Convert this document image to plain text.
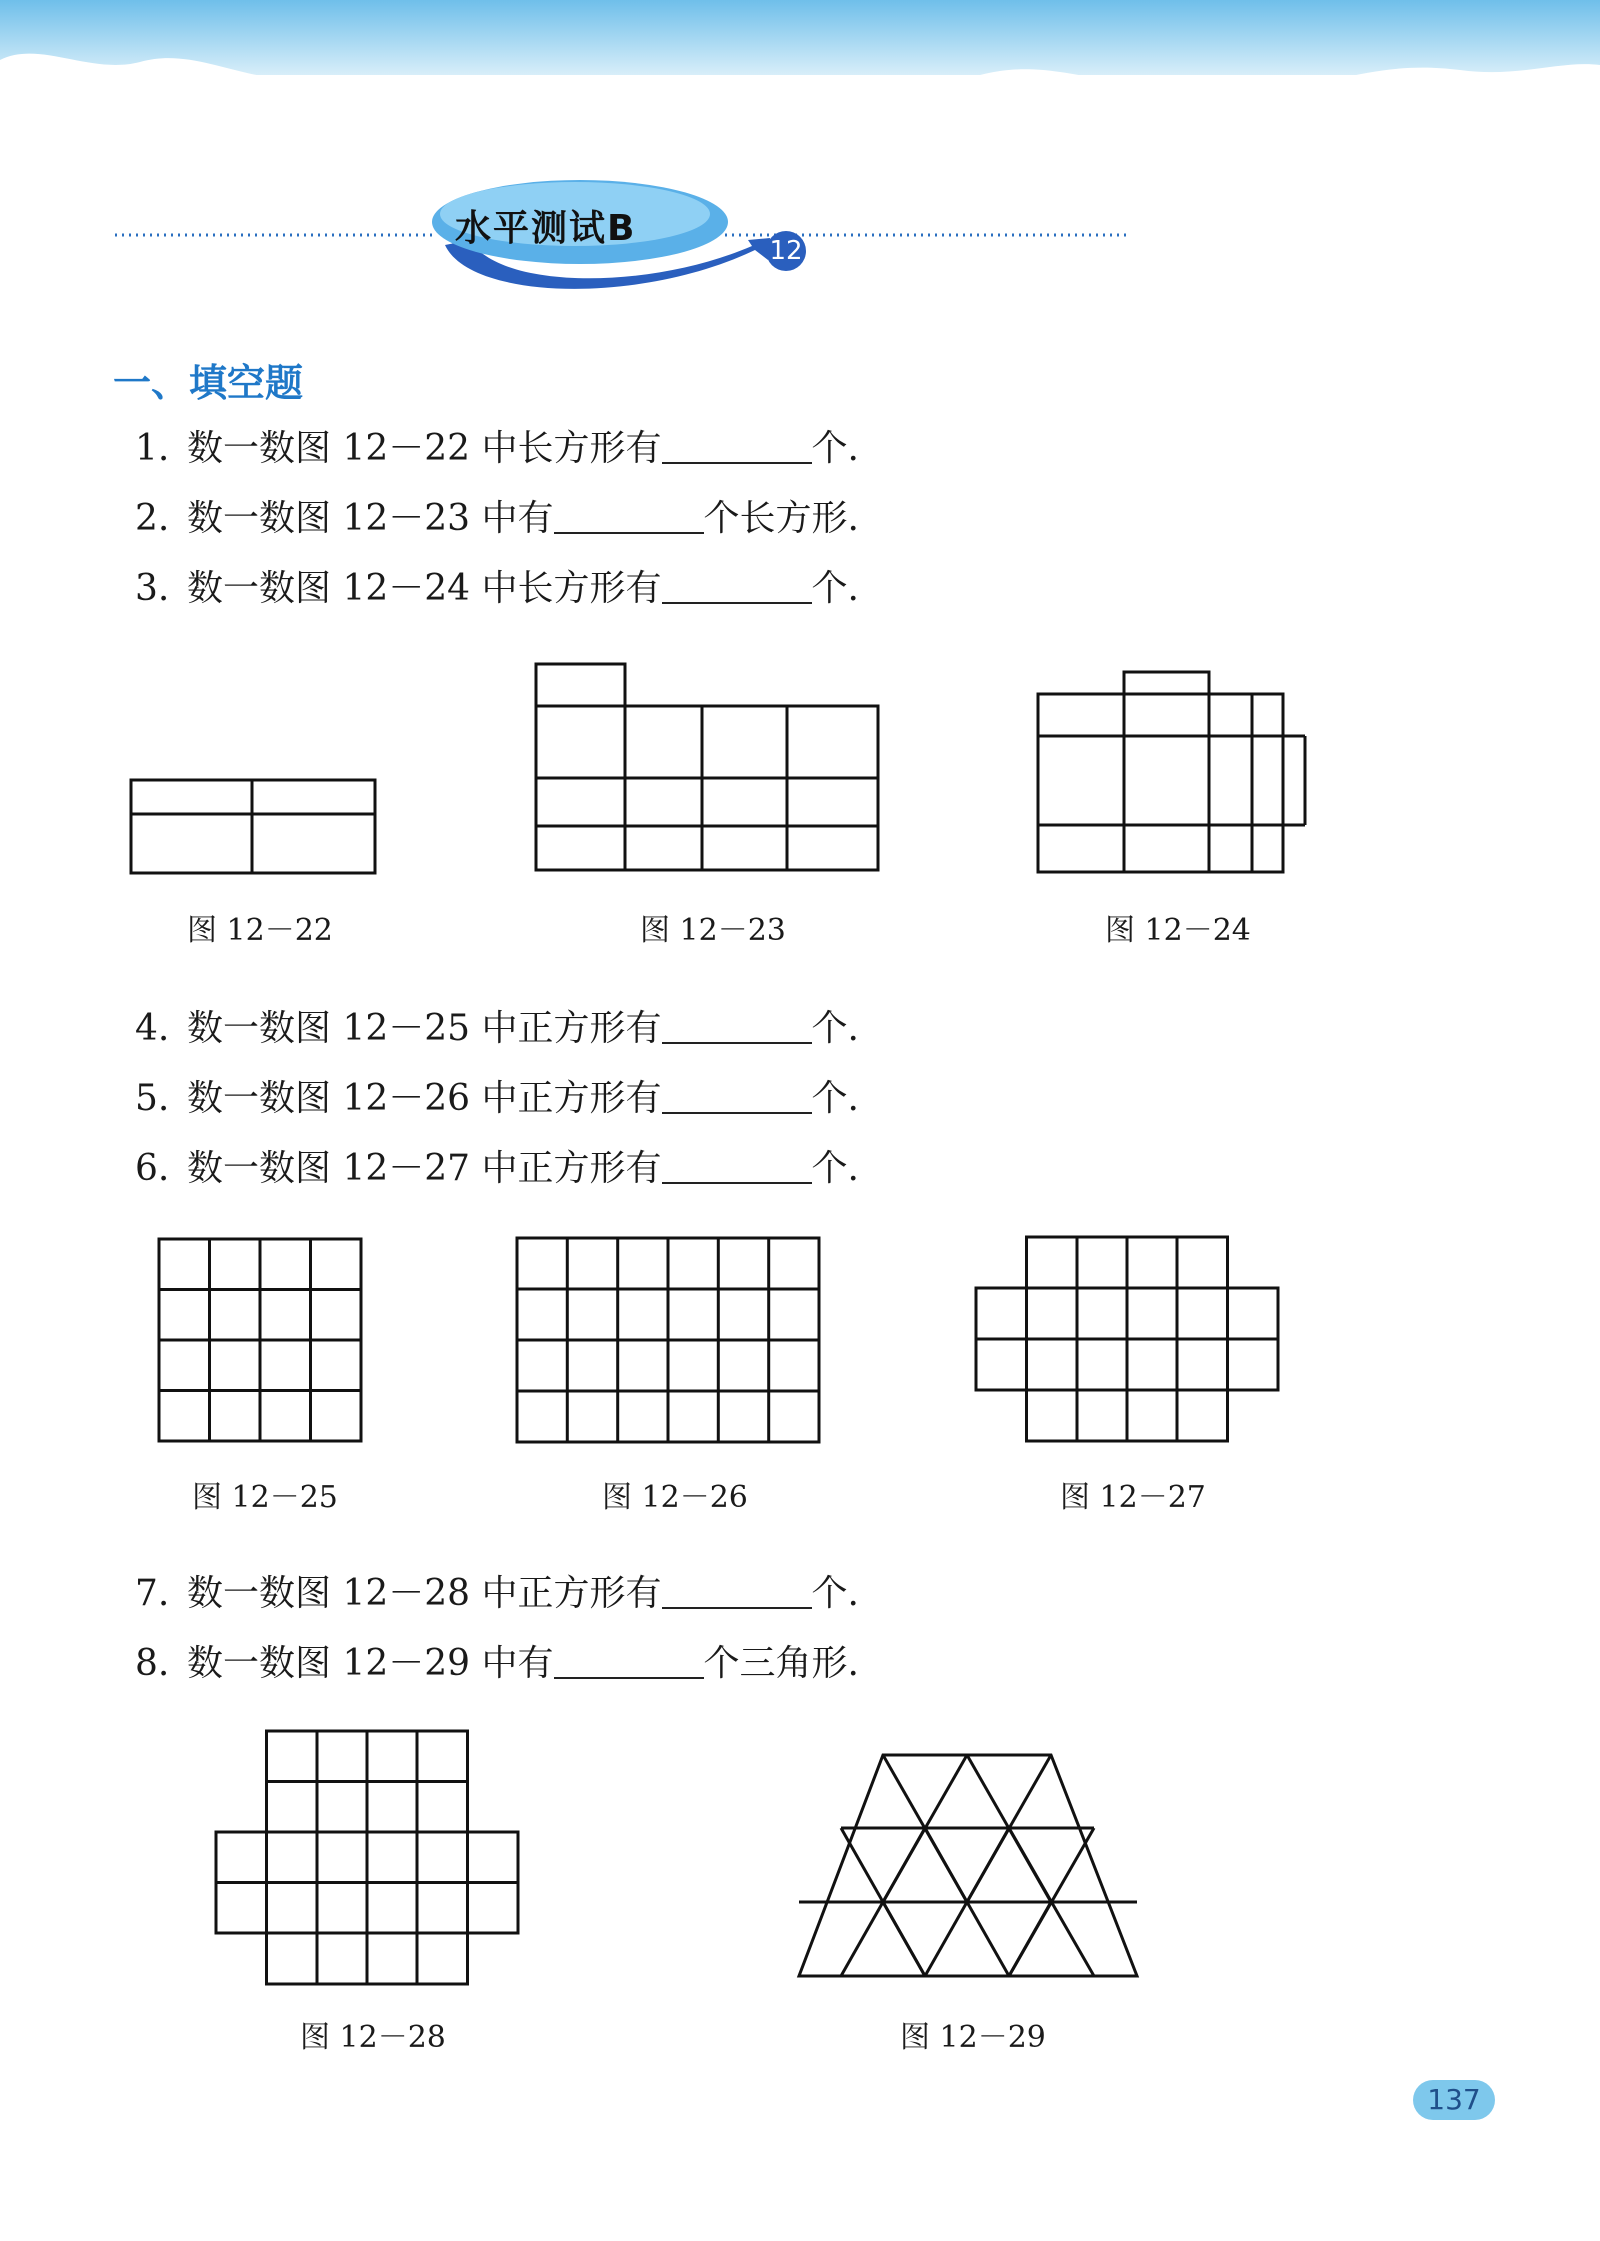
水平测试B
12
一、填空题
1. 数一数图 12－22 中长方形有	个.
2. 数一数图 12－23 中有	个长方形.
3. 数一数图 12－24 中长方形有	个.
图 12－22	图 12－23	图 12－24
4. 数一数图 12－25 中正方形有	个.
5. 数一数图 12－26 中正方形有	个.
6. 数一数图 12－27 中正方形有	个.
图 12－25	图 12－26	图 12－27
7. 数一数图 12－28 中正方形有	个.
8. 数一数图 12－29 中有	个三角形.
图 12－28	图 12－29
137
